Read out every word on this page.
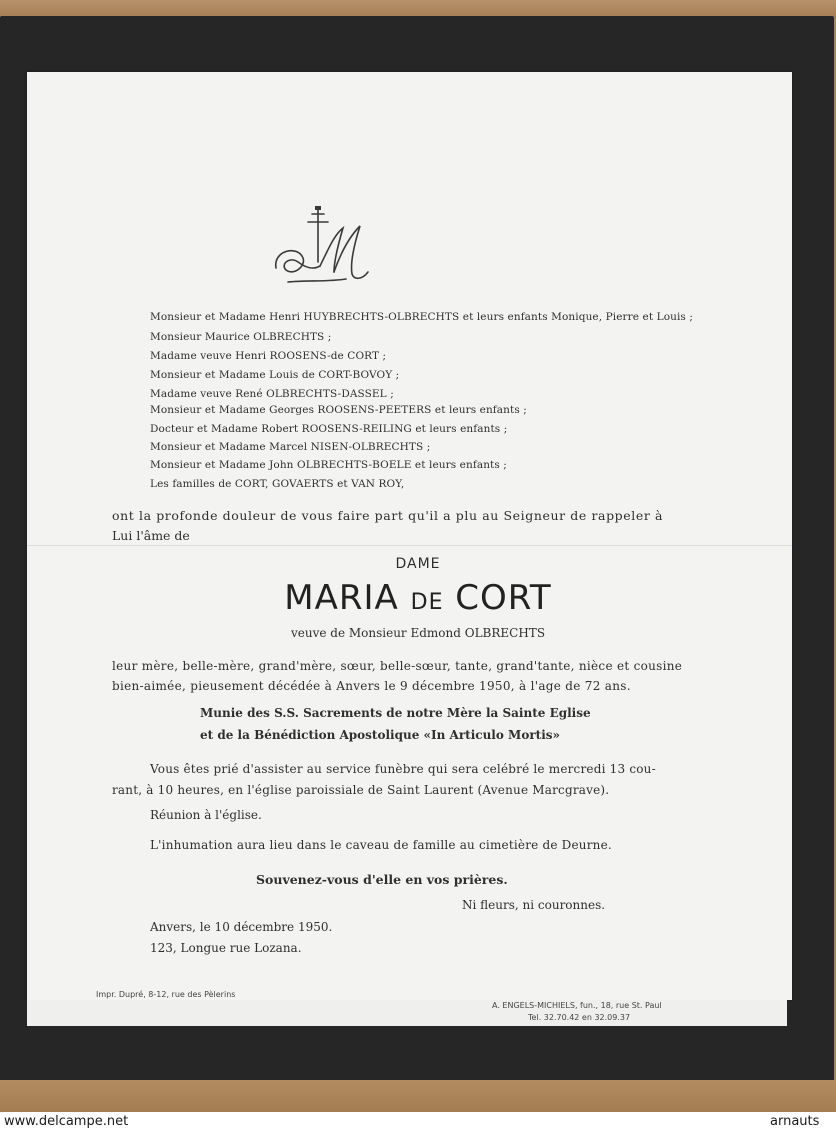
Monsieur et Madame Henri HUYBRECHTS-OLBRECHTS et leurs enfants Monique, Pierre et Louis ;
Monsieur Maurice OLBRECHTS ;
Madame veuve Henri ROOSENS-de CORT ;
Monsieur et Madame Louis de CORT-BOVOY ;
Madame veuve René OLBRECHTS-DASSEL ;
Monsieur et Madame Georges ROOSENS-PEETERS et leurs enfants ;
Docteur et Madame Robert ROOSENS-REILING et leurs enfants ;
Monsieur et Madame Marcel NISEN-OLBRECHTS ;
Monsieur et Madame John OLBRECHTS-BOELE et leurs enfants ;
Les familles de CORT, GOVAERTS et VAN ROY,
ont la profonde douleur de vous faire part qu'il a plu au Seigneur de rappeler à
Lui l'âme de
DAME
MARIA DE CORT
veuve de Monsieur Edmond OLBRECHTS
leur mère, belle-mère, grand'mère, sœur, belle-sœur, tante, grand'tante, nièce et cousine
bien-aimée, pieusement décédée à Anvers le 9 décembre 1950, à l'age de 72 ans.
Munie des S.S. Sacrements de notre Mère la Sainte Eglise
et de la Bénédiction Apostolique «In Articulo Mortis»
Vous êtes prié d'assister au service funèbre qui sera celébré le mercredi 13 cou-
rant, à 10 heures, en l'église paroissiale de Saint Laurent (Avenue Marcgrave).
Réunion à l'église.
L'inhumation aura lieu dans le caveau de famille au cimetière de Deurne.
Souvenez-vous d'elle en vos prières.
Ni fleurs, ni couronnes.
Anvers, le 10 décembre 1950.
123, Longue rue Lozana.
Impr. Dupré, 8-12, rue des Pèlerins
A. ENGELS-MICHIELS, fun., 18, rue St. Paul
Tel. 32.70.42 en 32.09.37
www.delcampe.net	arnauts
